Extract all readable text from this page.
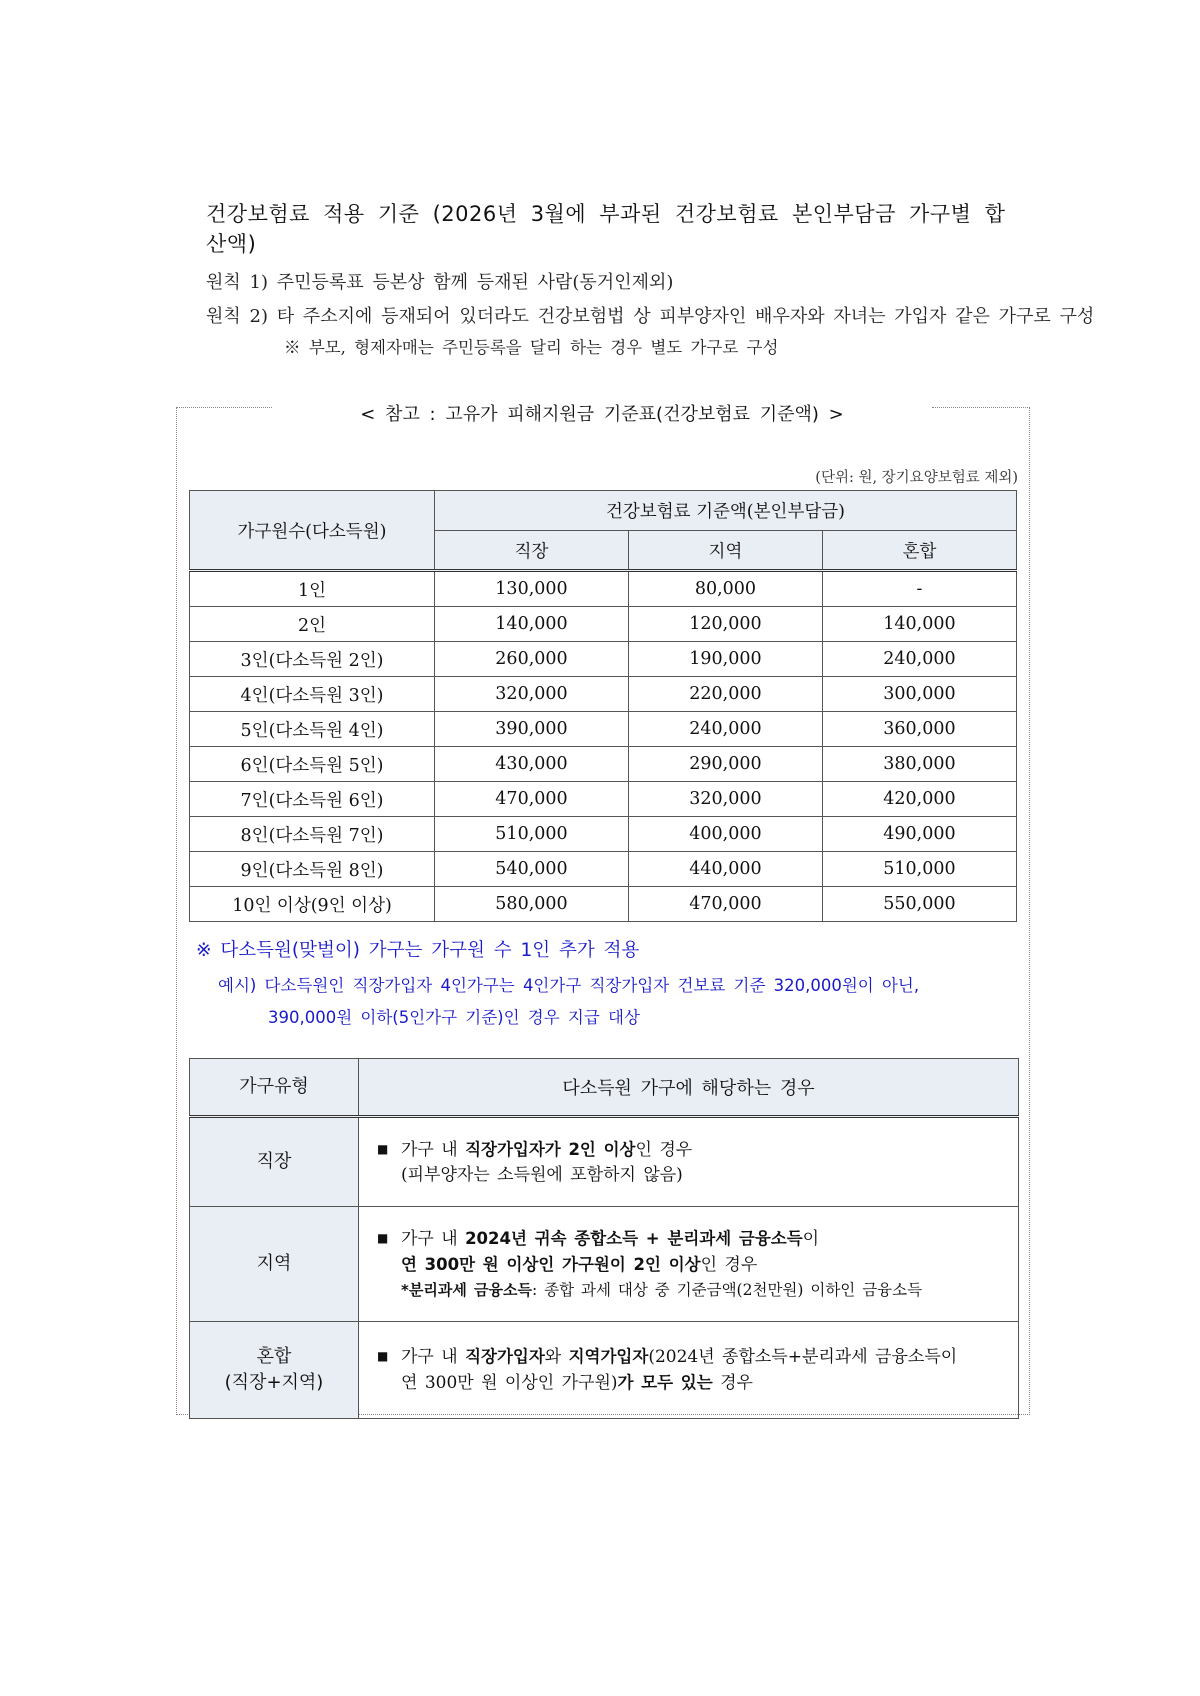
건강보험료 적용 기준 (2026년 3월에 부과된 건강보험료 본인부담금 가구별 합산액)
원칙 1) 주민등록표 등본상 함께 등재된 사람(동거인제외)
원칙 2) 타 주소지에 등재되어 있더라도 건강보험법 상 피부양자인 배우자와 자녀는 가입자 같은 가구로 구성
※ 부모, 형제자매는 주민등록을 달리 하는 경우 별도 가구로 구성
< 참고 : 고유가 피해지원금 기준표(건강보험료 기준액) >
(단위: 원, 장기요양보험료 제외)
가구원수(다소득원)	건강보험료 기준액(본인부담금)		
	직장	지역	혼합
1인	130,000	80,000	-
2인	140,000	120,000	140,000
3인(다소득원 2인)	260,000	190,000	240,000
4인(다소득원 3인)	320,000	220,000	300,000
5인(다소득원 4인)	390,000	240,000	360,000
6인(다소득원 5인)	430,000	290,000	380,000
7인(다소득원 6인)	470,000	320,000	420,000
8인(다소득원 7인)	510,000	400,000	490,000
9인(다소득원 8인)	540,000	440,000	510,000
10인 이상(9인 이상)	580,000	470,000	550,000
※ 다소득원(맞벌이) 가구는 가구원 수 1인 추가 적용
예시) 다소득원인 직장가입자 4인가구는 4인가구 직장가입자 건보료 기준 320,000원이 아닌,
390,000원 이하(5인가구 기준)인 경우 지급 대상
가구유형	다소득원 가구에 해당하는 경우
직장	■ 가구 내 직장가입자가 2인 이상인 경우
(피부양자는 소득원에 포함하지 않음)

지역	■ 가구 내 2024년 귀속 종합소득 + 분리과세 금융소득이
연 300만 원 이상인 가구원이 2인 이상인 경우
*분리과세 금융소득: 종합 과세 대상 중 기준금액(2천만원) 이하인 금융소득

혼합
(직장+지역)	■ 가구 내 직장가입자와 지역가입자(2024년 종합소득+분리과세 금융소득이
연 300만 원 이상인 가구원)가 모두 있는 경우
